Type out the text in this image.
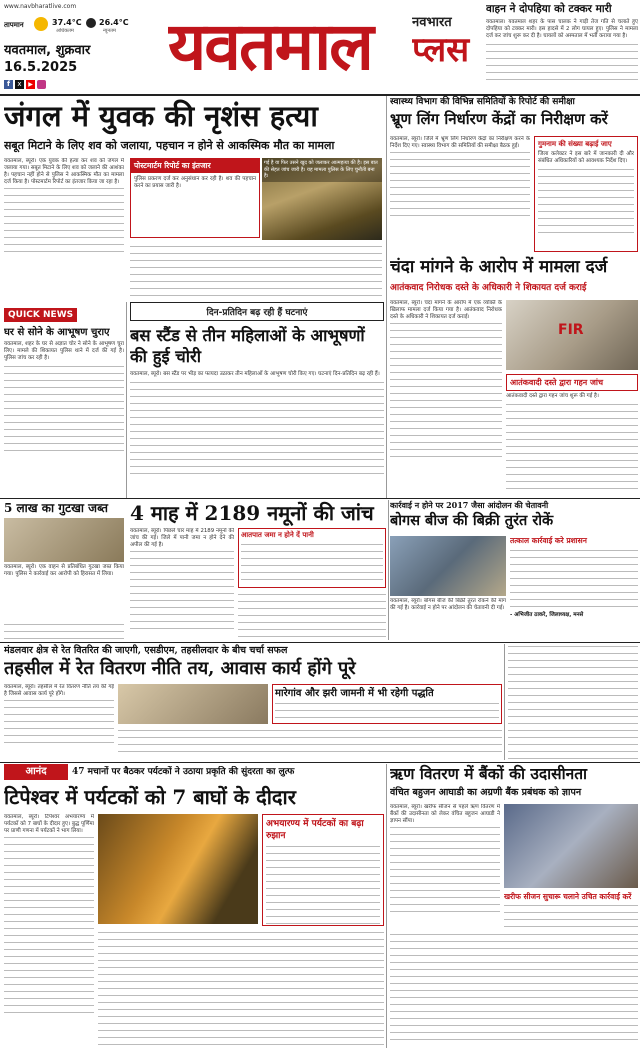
www.navbharatlive.com
तापमान	37.4°C
अधिकतम
26.4°C
न्यूनतम
यवतमाल, शुक्रवार
16.5.2025
f	x	▶ यवतमाल	नवभारत
प्लस
वाहन ने दोपहिया को टक्कर मारी
यवतमाल। यवतमाल शहर के पास चालक ने गाड़ी तेज गति से चलाते हुए दोपहिया को टक्कर मारी। इस हादसे में 2 लोग घायल हुए। पुलिस ने मामला दर्ज कर जांच शुरू कर दी है। घायलों को अस्पताल में भर्ती कराया गया है।
जंगल में युवक की नृशंस हत्या
सबूत मिटाने के लिए शव को जलाया, पहचान न होने से आकस्मिक मौत का मामला
यवतमाल, ब्यूरो। एक युवक की हत्या कर शव को जंगल में जलाया गया। सबूत मिटाने के लिए शव को जलाने की आशंका है। पहचान नहीं होने से पुलिस ने आकस्मिक मौत का मामला दर्ज किया है। पोस्टमार्टम रिपोर्ट का इंतजार किया जा रहा है।
पोस्टमार्टम रिपोर्ट का इंतजार
पुलिस प्रकरण दर्ज कर अनुसंधान कर रही है। शव की पहचान करने का प्रयास जारी है।
गई है या फिर उसने खुद को जलाकर आत्महत्या की है। इस बात की सेहत जांच जारी है। यह मामला पुलिस के लिए चुनौती बना है।
QUICK NEWS
घर से सोने के आभूषण चुराए
यवतमाल, शहर के घर से अज्ञात चोर ने सोने के आभूषण चुरा लिए। मामले की शिकायत पुलिस थाने में दर्ज की गई है। पुलिस जांच कर रही है।
दिन-प्रतिदिन बढ़ रही हैं घटनाएं
बस स्टैंड से तीन महिलाओं के आभूषणों की हुई चोरी
यवतमाल, ब्यूरो। बस स्टैंड पर भीड़ का फायदा उठाकर तीन महिलाओं के आभूषण चोरी किए गए। घटनाएं दिन-प्रतिदिन बढ़ रही हैं।
स्वास्थ्य विभाग की विभिन्न समितियों के रिपोर्ट की समीक्षा
भ्रूण लिंग निर्धारण केंद्रों का निरीक्षण करें
यवतमाल, ब्यूरो। जिले में भ्रूण लिंग निर्धारण केंद्रों का निरीक्षण करने के निर्देश दिए गए। स्वास्थ्य विभाग की समितियों की समीक्षा बैठक हुई।	गुमनाम की संख्या बढ़ाई जाए
जिला कलेक्टर ने इस बारे में जानकारी दी और संबंधित अधिकारियों को आवश्यक निर्देश दिए।
चंदा मांगने के आरोप में मामला दर्ज
आतंकवाद निरोधक दस्ते के अधिकारी ने शिकायत दर्ज कराई
यवतमाल, ब्यूरो। चंदा मांगने के आरोप में एक व्यक्ति के खिलाफ मामला दर्ज किया गया है। आतंकवाद निरोधक दस्ते के अधिकारी ने शिकायत दर्ज कराई।
FIR
आतंकवादी दस्ते द्वारा गहन जांच
आतंकवादी दस्ते द्वारा गहन जांच शुरू की गई है।
5 लाख का गुटखा जब्त
यवतमाल, ब्यूरो। एक वाहन से प्रतिबंधित गुटखा जब्त किया गया। पुलिस ने कार्रवाई कर आरोपी को हिरासत में लिया।
4 माह में 2189 नमूनों की जांच
यवतमाल, ब्यूरो। पिछले चार माह में 2189 नमूनों की जांच की गई। जिले में पानी जमा न होने देने की अपील की गई है।
आतपात जमा न होने दें पानी
कार्रवाई न होने पर 2017 जैसा आंदोलन की चेतावनी
बोगस बीज की बिक्री तुरंत रोकें
तत्काल कार्रवाई करे प्रशासन
- अभिजीत ठाकरे, जिलाध्यक्ष, मनसे
यवतमाल, ब्यूरो। बोगस बीज की बिक्री तुरंत रोकने की मांग की गई है। कार्रवाई न होने पर आंदोलन की चेतावनी दी गई।
मंडलवार क्षेत्र से रेत वितरित की जाएगी, एसडीएम, तहसीलदार के बीच चर्चा सफल
तहसील में रेत वितरण नीति तय, आवास कार्य होंगे पूरे
यवतमाल, ब्यूरो। तहसील में रेत वितरण नीति तय की गई है जिससे आवास कार्य पूरे होंगे।	मारेगांव और झरी जामनी में भी रहेगी पद्धति
आनंद	47 मचानों पर बैठकर पर्यटकों ने उठाया प्रकृति की सुंदरता का लुत्फ
टिपेश्वर में पर्यटकों को 7 बाघों के दीदार
यवतमाल, ब्यूरो। टिपेश्वर अभयारण्य में पर्यटकों को 7 बाघों के दीदार हुए। बुद्ध पूर्णिमा पर प्राणी गणना में पर्यटकों ने भाग लिया।
अभयारण्य में पर्यटकों का बढ़ा रुझान
ऋण वितरण में बैंकों की उदासीनता
वंचित बहुजन आघाडी का अग्रणी बैंक प्रबंधक को ज्ञापन
यवतमाल, ब्यूरो। खरीफ सीजन से पहले ऋण वितरण में बैंकों की उदासीनता को लेकर वंचित बहुजन आघाडी ने ज्ञापन सौंपा।
खरीफ सीजन सुचारू चलाने उचित कार्रवाई करें
